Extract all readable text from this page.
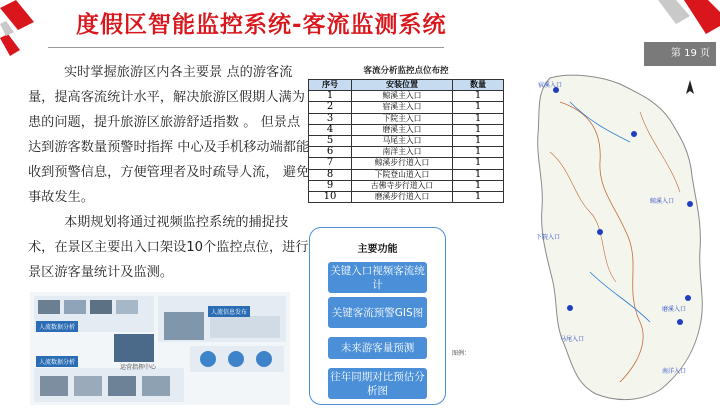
度假区智能监控系统-客流监测系统
第 19 页

实时掌握旅游区内各主要景 点的游客流量，提高客流统计水平，解决旅游区假期人满为患的问题，提升旅游区旅游舒适指数 。 但景点达到游客数量预警时指挥 中心及手机移动端都能收到预警信息，方便管理者及时疏导人流， 避免事故发生。

本期规划将通过视频监控系统的捕捉技术，在景区主要出入口架设10个监控点位，进行景区游客量统计及监测。

人流数据分析
人流信息发布
人流数据分析
运营指挥中心
客流分析监控点位布控
序号	安装位置	数量
1	鲸溪主入口	1
2	宿溪主入口	1
3	下院主入口	1
4	磨溪主入口	1
5	马尾主入口	1
6	南洋主入口	1
7	鲸溪步行道入口	1
8	下院登山道入口	1
9	古佛寺步行道入口	1
10	磨溪步行道入口	1
主要功能
关键入口视频客流统计
关键客流预警GIS图
未来游客量预测
往年同期对比预估分析图
宿溪入口
鲸溪入口
下院入口
马尾入口
磨溪入口
南洋入口
图例：
